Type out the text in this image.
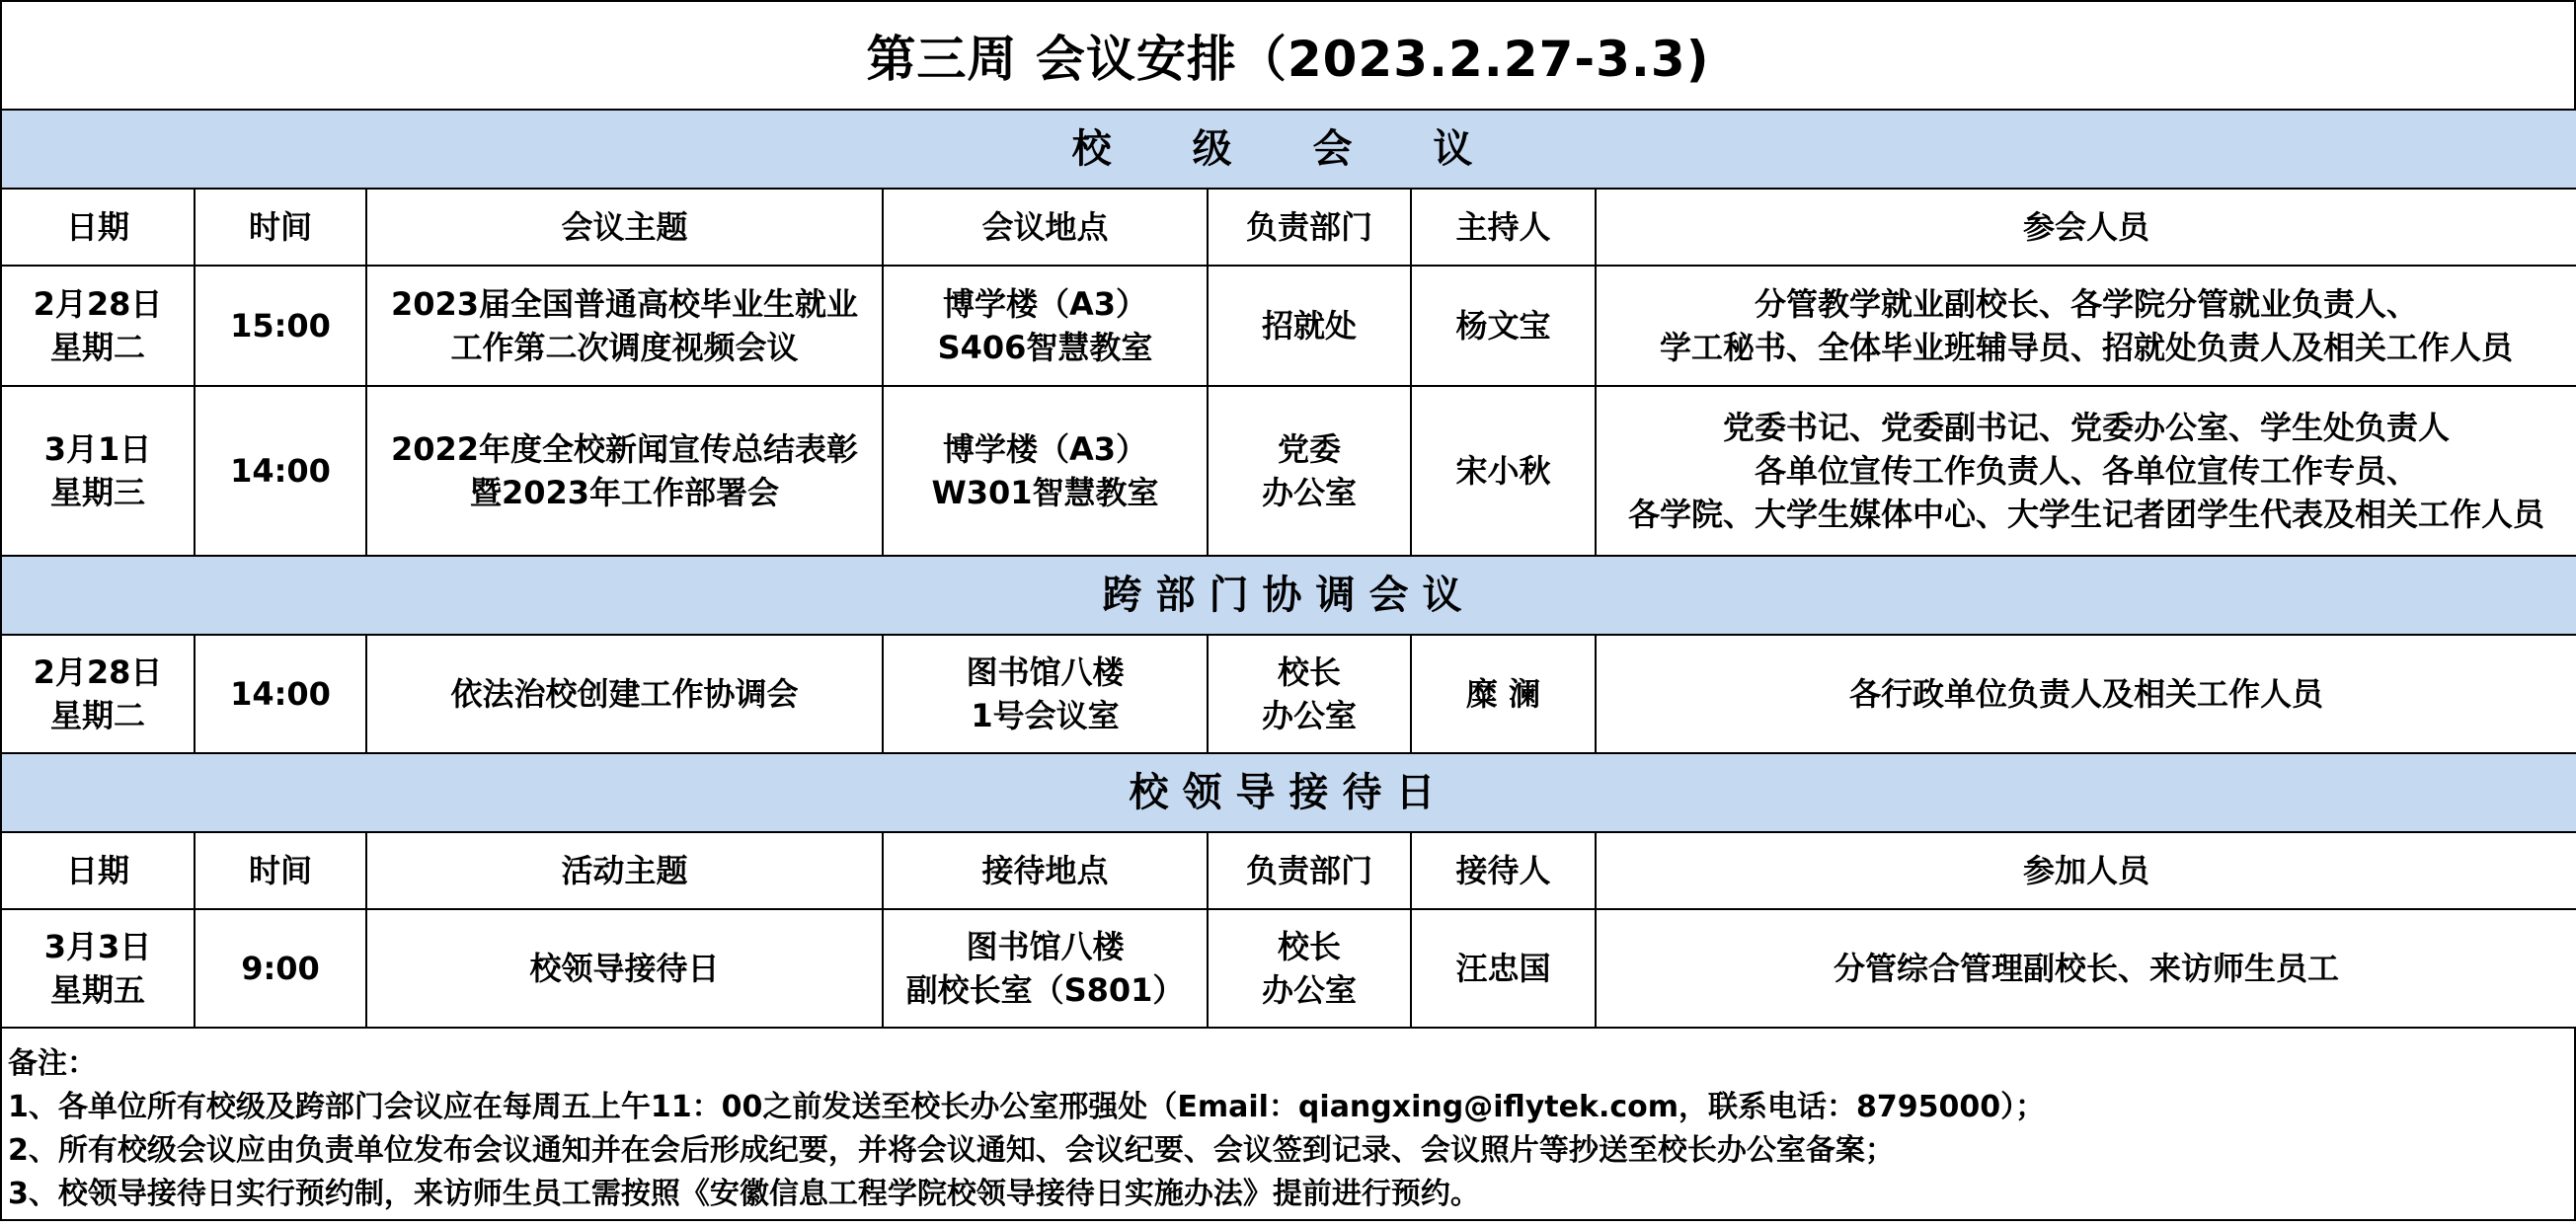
第三周 会议安排（2023.2.27-3.3)
校 级 会 议						
日期	时间	会议主题	会议地点	负责部门	主持人	参会人员

2月28日
星期二	15:00	2023届全国普通高校毕业生就业
工作第二次调度视频会议	博学楼（A3）
S406智慧教室	招就处	杨文宝	分管教学就业副校长、各学院分管就业负责人、
学工秘书、全体毕业班辅导员、招就处负责人及相关工作人员

3月1日
星期三	14:00	2022年度全校新闻宣传总结表彰
暨2023年工作部署会	博学楼（A3）
W301智慧教室	党委
办公室	宋小秋	党委书记、党委副书记、党委办公室、学生处负责人
各单位宣传工作负责人、各单位宣传工作专员、
各学院、大学生媒体中心、大学生记者团学生代表及相关工作人员

跨部门协调会议						

2月28日
星期二	14:00	依法治校创建工作协调会	图书馆八楼
1号会议室	校长
办公室	糜 澜	各行政单位负责人及相关工作人员

校领导接待日						
日期	时间	活动主题	接待地点	负责部门	接待人	参加人员

3月3日
星期五	9:00	校领导接待日	图书馆八楼
副校长室（S801）	校长
办公室	汪忠国	分管综合管理副校长、来访师生员工
备注：
1、各单位所有校级及跨部门会议应在每周五上午11：00之前发送至校长办公室邢强处（Email：qiangxing@iflytek.com，联系电话：8795000）；
2、所有校级会议应由负责单位发布会议通知并在会后形成纪要，并将会议通知、会议纪要、会议签到记录、会议照片等抄送至校长办公室备案；
3、校领导接待日实行预约制，来访师生员工需按照《安徽信息工程学院校领导接待日实施办法》提前进行预约。
